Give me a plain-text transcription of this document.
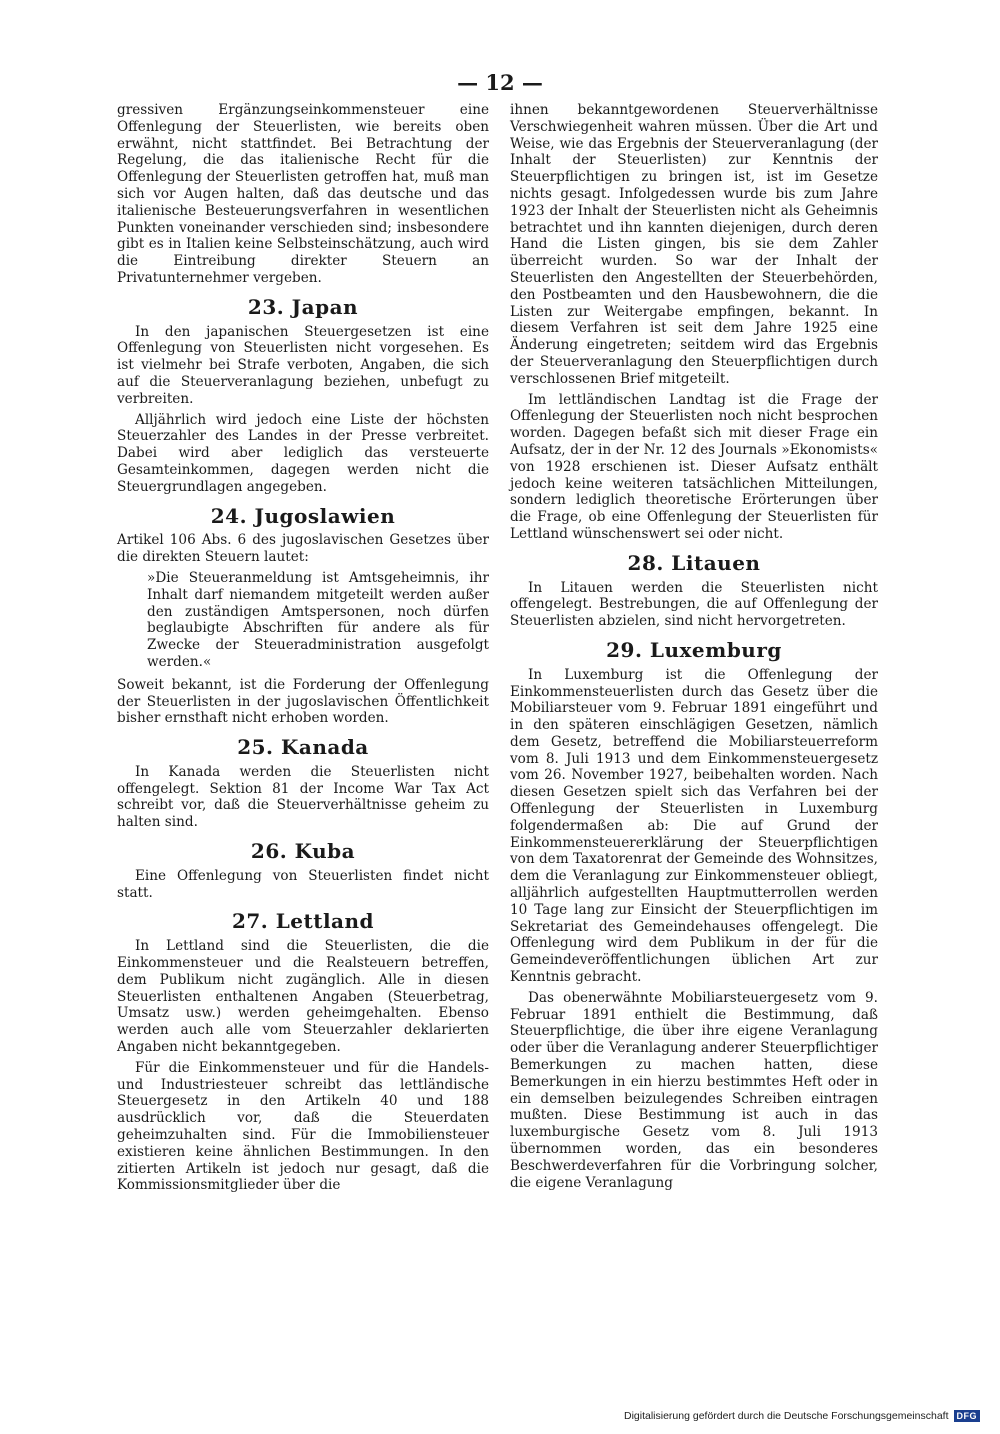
— 12 —

gressiven Ergänzungseinkommensteuer eine Offenlegung der Steuerlisten, wie bereits oben erwähnt, nicht stattfindet. Bei Betrachtung der Regelung, die das italienische Recht für die Offenlegung der Steuerlisten getroffen hat, muß man sich vor Augen halten, daß das deutsche und das italienische Besteuerungsverfahren in wesentlichen Punkten voneinander verschieden sind; insbesondere gibt es in Italien keine Selbsteinschätzung, auch wird die Eintreibung direkter Steuern an Privatunternehmer vergeben.

23. Japan

In den japanischen Steuergesetzen ist eine Offenlegung von Steuerlisten nicht vorgesehen. Es ist vielmehr bei Strafe verboten, Angaben, die sich auf die Steuerveranlagung beziehen, unbefugt zu verbreiten.

Alljährlich wird jedoch eine Liste der höchsten Steuerzahler des Landes in der Presse verbreitet. Dabei wird aber lediglich das versteuerte Gesamteinkommen, dagegen werden nicht die Steuergrundlagen angegeben.

24. Jugoslawien

Artikel 106 Abs. 6 des jugoslavischen Gesetzes über die direkten Steuern lautet:

»Die Steueranmeldung ist Amtsgeheimnis, ihr Inhalt darf niemandem mitgeteilt werden außer den zuständigen Amtspersonen, noch dürfen beglaubigte Abschriften für andere als für Zwecke der Steueradministration ausgefolgt werden.«

Soweit bekannt, ist die Forderung der Offenlegung der Steuerlisten in der jugoslavischen Öffentlichkeit bisher ernsthaft nicht erhoben worden.

25. Kanada

In Kanada werden die Steuerlisten nicht offengelegt. Sektion 81 der Income War Tax Act schreibt vor, daß die Steuerverhältnisse geheim zu halten sind.

26. Kuba

Eine Offenlegung von Steuerlisten findet nicht statt.

27. Lettland

In Lettland sind die Steuerlisten, die die Einkommensteuer und die Realsteuern betreffen, dem Publikum nicht zugänglich. Alle in diesen Steuerlisten enthaltenen Angaben (Steuerbetrag, Umsatz usw.) werden geheimgehalten. Ebenso werden auch alle vom Steuerzahler deklarierten Angaben nicht bekanntgegeben.

Für die Einkommensteuer und für die Handels- und Industriesteuer schreibt das lettländische Steuergesetz in den Artikeln 40 und 188 ausdrücklich vor, daß die Steuerdaten geheimzuhalten sind. Für die Immobiliensteuer existieren keine ähnlichen Bestimmungen. In den zitierten Artikeln ist jedoch nur gesagt, daß die Kommissionsmitglieder über die

ihnen bekanntgewordenen Steuerverhältnisse Verschwiegenheit wahren müssen. Über die Art und Weise, wie das Ergebnis der Steuerveranlagung (der Inhalt der Steuerlisten) zur Kenntnis der Steuerpflichtigen zu bringen ist, ist im Gesetze nichts gesagt. Infolgedessen wurde bis zum Jahre 1923 der Inhalt der Steuerlisten nicht als Geheimnis betrachtet und ihn kannten diejenigen, durch deren Hand die Listen gingen, bis sie dem Zahler überreicht wurden. So war der Inhalt der Steuerlisten den Angestellten der Steuerbehörden, den Postbeamten und den Hausbewohnern, die die Listen zur Weitergabe empfingen, bekannt. In diesem Verfahren ist seit dem Jahre 1925 eine Änderung eingetreten; seitdem wird das Ergebnis der Steuerveranlagung den Steuerpflichtigen durch verschlossenen Brief mitgeteilt.

Im lettländischen Landtag ist die Frage der Offenlegung der Steuerlisten noch nicht besprochen worden. Dagegen befaßt sich mit dieser Frage ein Aufsatz, der in der Nr. 12 des Journals »Ekonomists« von 1928 erschienen ist. Dieser Aufsatz enthält jedoch keine weiteren tatsächlichen Mitteilungen, sondern lediglich theoretische Erörterungen über die Frage, ob eine Offenlegung der Steuerlisten für Lettland wünschenswert sei oder nicht.

28. Litauen

In Litauen werden die Steuerlisten nicht offengelegt. Bestrebungen, die auf Offenlegung der Steuerlisten abzielen, sind nicht hervorgetreten.

29. Luxemburg

In Luxemburg ist die Offenlegung der Einkommensteuerlisten durch das Gesetz über die Mobiliarsteuer vom 9. Februar 1891 eingeführt und in den späteren einschlägigen Gesetzen, nämlich dem Gesetz, betreffend die Mobiliarsteuerreform vom 8. Juli 1913 und dem Einkommensteuergesetz vom 26. November 1927, beibehalten worden. Nach diesen Gesetzen spielt sich das Verfahren bei der Offenlegung der Steuerlisten in Luxemburg folgendermaßen ab: Die auf Grund der Einkommensteuererklärung der Steuerpflichtigen von dem Taxatorenrat der Gemeinde des Wohnsitzes, dem die Veranlagung zur Einkommensteuer obliegt, alljährlich aufgestellten Hauptmutterrollen werden 10 Tage lang zur Einsicht der Steuerpflichtigen im Sekretariat des Gemeindehauses offengelegt. Die Offenlegung wird dem Publikum in der für die Gemeindeveröffentlichungen üblichen Art zur Kenntnis gebracht.

Das obenerwähnte Mobiliarsteuergesetz vom 9. Februar 1891 enthielt die Bestimmung, daß Steuerpflichtige, die über ihre eigene Veranlagung oder über die Veranlagung anderer Steuerpflichtiger Bemerkungen zu machen hatten, diese Bemerkungen in ein hierzu bestimmtes Heft oder in ein demselben beizulegendes Schreiben eintragen mußten. Diese Bestimmung ist auch in das luxemburgische Gesetz vom 8. Juli 1913 übernommen worden, das ein besonderes Beschwerdeverfahren für die Vorbringung solcher, die eigene Veranlagung

Digitalisierung gefördert durch die Deutsche Forschungsgemeinschaft DFG
